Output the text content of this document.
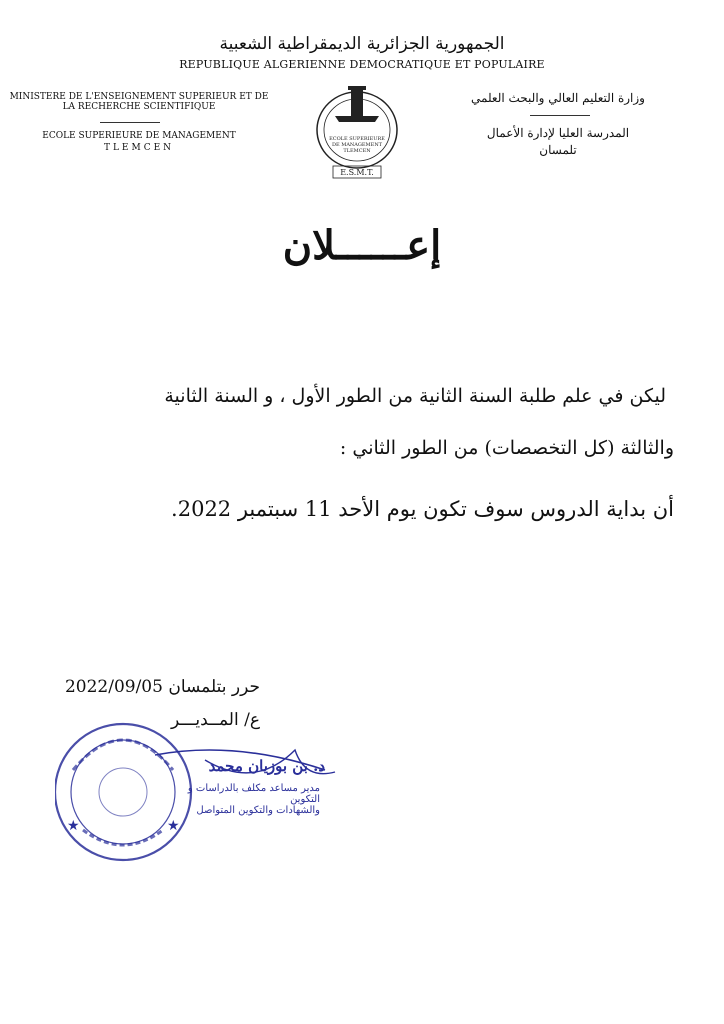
الجمهورية الجزائرية الديمقراطية الشعبية
REPUBLIQUE ALGERIENNE DEMOCRATIQUE ET POPULAIRE
MINISTERE DE L'ENSEIGNEMENT SUPERIEUR ET DE LA RECHERCHE SCIENTIFIQUE
ECOLE SUPERIEURE DE MANAGEMENT
TLEMCEN
وزارة التعليم العالي والبحث العلمي
المدرسة العليا لإدارة الأعمال
تلمسان
ECOLE SUPERIEURE
DE MANAGEMENT
TLEMCEN
E.S.M.T.
إعــــــلان
ليكن في علم طلبة السنة الثانية من الطور الأول ، و السنة الثانية
والثالثة (كل التخصصات) من الطور الثاني :
أن بداية الدروس سوف تكون يوم الأحد 11 سبتمبر 2022.
حرر بتلمسان 2022/09/05
ع/ المــديـــر
★	★
د. بن بوزيان محمد
مدير مساعد مكلف بالدراسات و التكوين
والشهادات والتكوين المتواصل
